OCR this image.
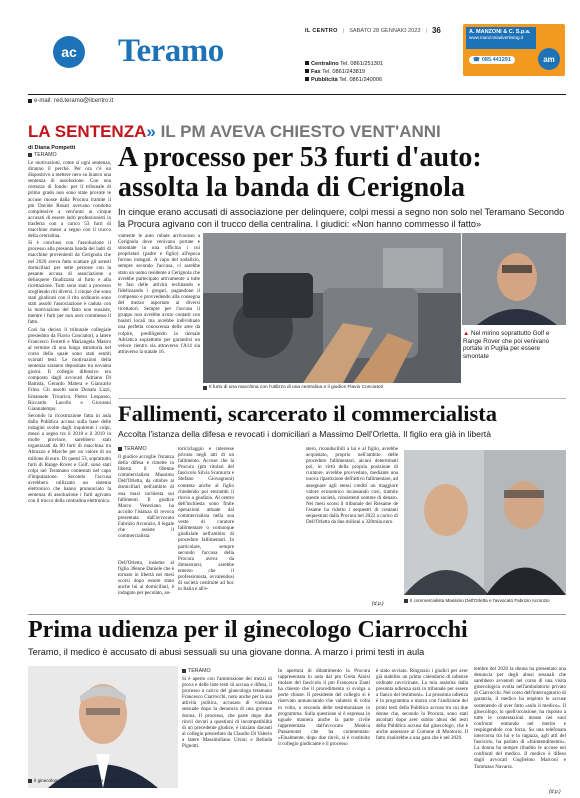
ac Teramo
IL CENTRO | SABATO 28 GENNAIO 2023 | 36
Centralino Tel. 0861/251301
Fax Tel. 0861/243819
Pubblicità Tel. 0861/240006
A. MANZONI & C. S.p.a.
www.manzoniadvertising.it
☎ 085.441291	am
e-mail: red.teramo@ilcentro.it
LA SENTENZA» IL PM AVEVA CHIESTO VENT'ANNI
di Diana Pompetti
TERAMO

Le motivazioni, come si ogni sentenza, diranno il perché. Per ora c'è un dispositivo a mettere nero su bianco una sentenza di assoluzione. Con una certezza di fondo: per il tribunale di primo grado non sono state provate le accuse mosse dalla Procura tramite il pm Davide Rosati avevano condotto complessive a vent'anni ai cinque accusati di essere ladri professionisti in trasferta con a carico 53 furti di macchine messi a segno con il trucco della centralina.

Si è concluso con l'assoluzione il processo alla presunta banda dei ladri di macchine provenienti da Cerignola che nel 2020 aveva fatto scattare gli arresti domiciliari per sette persone con la pesante accusa di associazione a delinquere finalizzata al furto e alla ricettazione. Tutti sono stati a processo scegliendo riti diversi. I cinque che sono stati giudicati con il rito ordinario sono stati assolti l'associazione è caduta con la motivazione del fatto non sussiste, mentre i furti per non aver commesso il fatto.

Così ha deciso il tribunale collegiale presieduto da Flavio Conciatori, a latere Francesco Ferretti e Mariangela Mastro al termine di una lunga istruttoria nel corso della quale sono stati sentiti svariati testi. Le motivazioni della sentenza saranno depositate tra novanta giorni. Il collegio difensivo era composto dagli avvocati Adriano Di Battista, Gerardo Matera e Giancarlo Frino. Gli assolti sono Donato Lizzi, Emanuele Tricarico, Pietro Losposso, Riccardo Lacollo e Giovanni Giannatempo.

Secondo la ricostruzione fatta in aula dalla Pubblica accusa sulla base delle indagini svolte dagli inquirenti i colpi, messi a segno tra il 2018 e il 2019 in molte province, sarebbero stati organizzati da 80 furti di macchina tra Abruzzo e Marche per un valore di un milione di euro. Di questi 53, soprattutto furti di Range Rover e Golf, sono stati colpi nel Teramano contestati nel capo d'imputazione. Secondo l'accusa avrebbero utilizzato un sistema elettronico che hanno pronunciato la sentenza di assoluzione i furti agivano con il trucco della centralina elettronica.

A processo per 53 furti d'auto:
assolta la banda di Cerignola
In cinque erano accusati di associazione per delinquere, colpi messi a segno non solo nel Teramano Secondo la Procura agivano con il trucco della centralina. I giudici: «Non hanno commesso il fatto»

vamente le auto rubate arrivavano a Cerignola dove venivano portate e smontate in una officina i cui proprietari (padre e figlio) all'epoca furono indagati. A capo del sodalizio, sempre secondo l'accusa, ci sarebbe stato un uomo residente a Cerignola che avrebbe partecipato attivamente a tutte le fasi delle attività reclutando e fidelizzando i gregari, pagandone il compenso e provvedendo alla consegna del mezzo asportato ai diversi ricettatori. Sempre per l'accusa il gruppo non avrebbe avuto contatti con basisti locali ma avrebbe individuato una perfetta conoscenza delle aree da colpire, prediligendo la dorsale Adriatica soprattutto per garantirsi un veloce rientro sia attraverso l'A14 sia attraverso la statale 16.

▲ Nel mirino soprattutto Golf e Range Rover che poi venivano portate in Puglia per essere smontate
Il furto di una macchina con l'utilizzo di una centralina e il giudice Flavio Conciatori
Fallimenti, scarcerato il commercialista
Accolta l'istanza della difesa e revocati i domiciliari a Massimo Dell'Orletta. Il figlio era già in libertà
TERAMO
Il giudice accoglie l'istanza della difesa e rimette in libertà il 60enne commercialista Massimo Dell'Orletta, da ottobre ai domiciliari nell'ambito di una maxi inchiesta sui fallimenti. Il giudice Marco Veneziano ha accolto l'istanza di revoca presentata dall'avvocato Fabrizio Acronzio, il legale che assiste il commercialista.
Dell'Orletta, insieme al figlio 38enne Daniele che è tornato in libertà nei mesi scorsi dopo essere stato anche lui ai domiciliari, è indagato per peculato, au-
toriciclaggio e interesse privato negli atti di un fallimento. Accuse che la Procura (pm titolari del fascicolo Silvia Scamurra e Stefano Giovagnoni) contesta anche al figlio chiedendo poi entrambi il rinvio a giudizio. Al centro dell'inchiesta sono finite operazioni attuate dal commercialista nella sua veste di curatore fallimentare o comunque giudiziale nell'ambito di procedure fallimentari. In particolare, sempre secondo l'accusa della Procura aveva da dimostrarsi, sarebbe emerso che il professionista, avvalendosi di società costituite ad hoc in Italia e all'e-
stero, riconducibili a lui e al figlio, avrebbe acquistato, proprio nell'ambito delle procedure fallimentari, alcuni determinati poi, in virtù della propria posizione di curatore, avrebbe provveduto, mediante una nuova ripartizione dell'attivo fallimentare, ad assegnare agli stessi crediti un maggiore valore economico incassando così, tramite queste società, consistenti somme di denaro. Nei mesi scorsi il tribunale del Riesame de l'esame ha ridotto i sequestri di contanti sequestrati dalla Procura nel 2022 a carico di Dell'Orletta da due milioni a 328mila euro.
(d.p.)
Il commercialista Massimo Dell'Orletta e l'avvocato Fabrizio Acronzio
Prima udienza per il ginecologo Ciarrocchi
Teramo, il medico è accusato di abusi sessuali su una giovane donna. A marzo i primi testi in aula
Il ginecologo teramano Francesco Ciarrocchi
TERAMO
Si è aperto con l'ammissione dei mezzi di prova e delle liste testi di accusa e difesa, il processo a carico del ginecologo teramano Francesco Ciarrocchi, noto anche per la sua attività politica, accusato di violenza sessuale dopo la denuncia di una giovane donna. Il processo, che parte dopo due rinvii dovuti a questioni di incompatibilità di un precedente giudice, è iniziato davanti al collegio presieduto da Claudio Di Valerio a latere Massimiliano Ursini e Belinda Pignotti.
In apertura di dibattimento la Procura rappresentata in aula dal pm Greta Aloisi titolare del fascicolo il pm Francesca Zanti ha chiesto che il procedimento si svolga a porte chiuse. Il presidente del collegio si è riservato annunciando che valuterà di volta in volta, a seconda delle testimonianze in programma. Sulla questione si è espressa in uguale maniera anche la parte civile rappresentata dall'avvocato Monica Passamonti che ha commentato: «Finalmente, dopo due rinvii, si è costituito il collegio giudicante e il processo
è stato avviato. Ringrazio i giudici per aver già stabilito un primo calendario di udienze ordinate ravvicinate. La mia assistita dalla presunta udienza sarà in tribunale per essere a fianco dei testimoni». La prossima udienza è in programma a marzo con l'audizione dei primi testi della Pubblica accusa tra cui due donne che, secondo la Procura, sono stati ascoltati dopo aver subito abusi dei testi della Pubblica accusa dal ginecologo, che è anche assessore al Comune di Montorio. Il fatto risalirebbe a una gara che è nel 2020.
tembre del 2020 la donna ha presentato una denuncia per degli abusi sessuali che sarebbero avvenuti nel corso di una visita ginecologica svolta nell'ambulatorio privato di Ciarrocchi. Nel corso dell'interrogatorio di garanzia, il medico ha respinto le accuse sostenendo di aver fatto «solo il medico». Il ginecologo, in quell'occasione, ha risposto a tutte le contestazioni mosse nei suoi confronti entrando nel merito e respingendole con forza. Su una telefonata intercorsa tra lui e la ragazza, agli atti del fascicolo, ha parlato di «fraintendimento». La donna ha sempre ribadito le accuse nei confronti del medico. Il medico è difeso dagli avvocati Guglielmo Marconi e Tommaso Navarra.
(d.p.)
